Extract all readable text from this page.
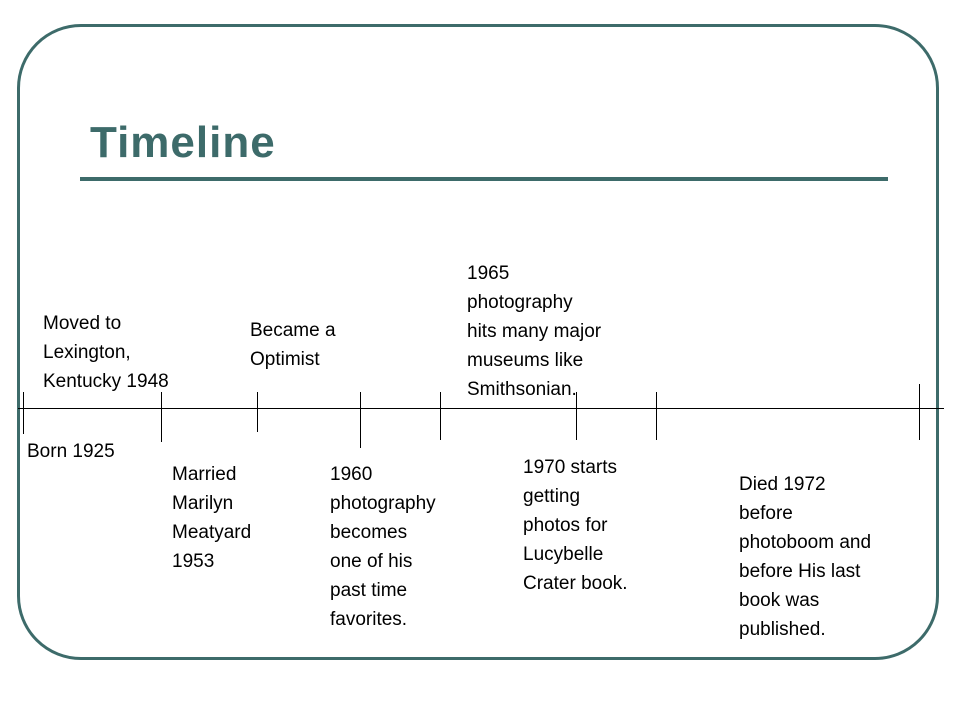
Timeline
Born 1925
Moved to
Lexington,
Kentucky 1948
Married
Marilyn
Meatyard
1953
Became a
Optimist
1960
photography
becomes
one of his
past time
favorites.
1965
photography
hits many major
museums like
Smithsonian.
1970 starts
getting
photos for
Lucybelle
Crater book.
Died 1972
before
photoboom and
before His last
book was
published.
